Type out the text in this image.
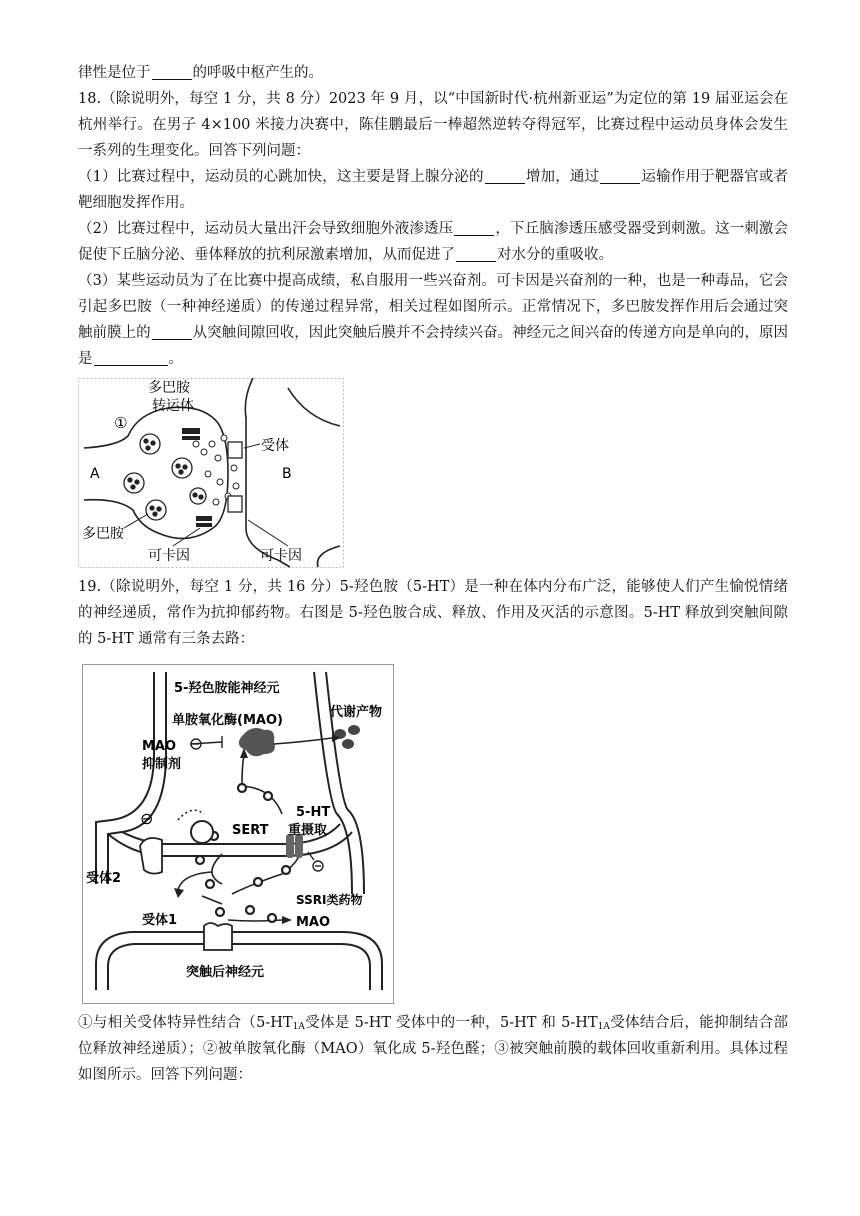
律性是位于	的呼吸中枢产生的。

18.（除说明外，每空 1 分，共 8 分）2023 年 9 月，以“中国新时代·杭州新亚运”为定位的第 19 届亚运会在杭州举行。在男子 4×100 米接力决赛中，陈佳鹏最后一棒超然逆转夺得冠军，比赛过程中运动员身体会发生一系列的生理变化。回答下列问题：

（1）比赛过程中，运动员的心跳加快，这主要是肾上腺分泌的	增加，通过	运输作用于靶器官或者靶细胞发挥作用。

（2）比赛过程中，运动员大量出汗会导致细胞外液渗透压	，下丘脑渗透压感受器受到刺激。这一刺激会促使下丘脑分泌、垂体释放的抗利尿激素增加，从而促进了	对水分的重吸收。

（3）某些运动员为了在比赛中提高成绩，私自服用一些兴奋剂。可卡因是兴奋剂的一种，也是一种毒品，它会引起多巴胺（一种神经递质）的传递过程异常，相关过程如图所示。正常情况下，多巴胺发挥作用后会通过突触前膜上的	从突触间隙回收，因此突触后膜并不会持续兴奋。神经元之间兴奋的传递方向是单向的，原因是	。

多巴胺
转运体
①
受体
A	B
多巴胺
可卡因	可卡因

19.（除说明外，每空 1 分，共 16 分）5-羟色胺（5-HT）是一种在体内分布广泛，能够使人们产生愉悦情绪的神经递质，常作为抗抑郁药物。右图是 5-羟色胺合成、释放、作用及灭活的示意图。5-HT 释放到突触间隙的 5-HT 通常有三条去路：

5-羟色胺能神经元
单胺氧化酶(MAO)
代谢产物
MAO
抑制剂
5-HT
重摄取
SERT
⊖
受体2
SSRI类药物
受体1	MAO
突触后神经元

①与相关受体特异性结合（$5-HT_{1A}$受体是 5-HT 受体中的一种，5-HT 和 $5-HT_{1A}$受体结合后，能抑制结合部位释放神经递质）；②被单胺氧化酶（MAO）氧化成 5-羟色醛；③被突触前膜的载体回收重新利用。具体过程如图所示。回答下列问题：
